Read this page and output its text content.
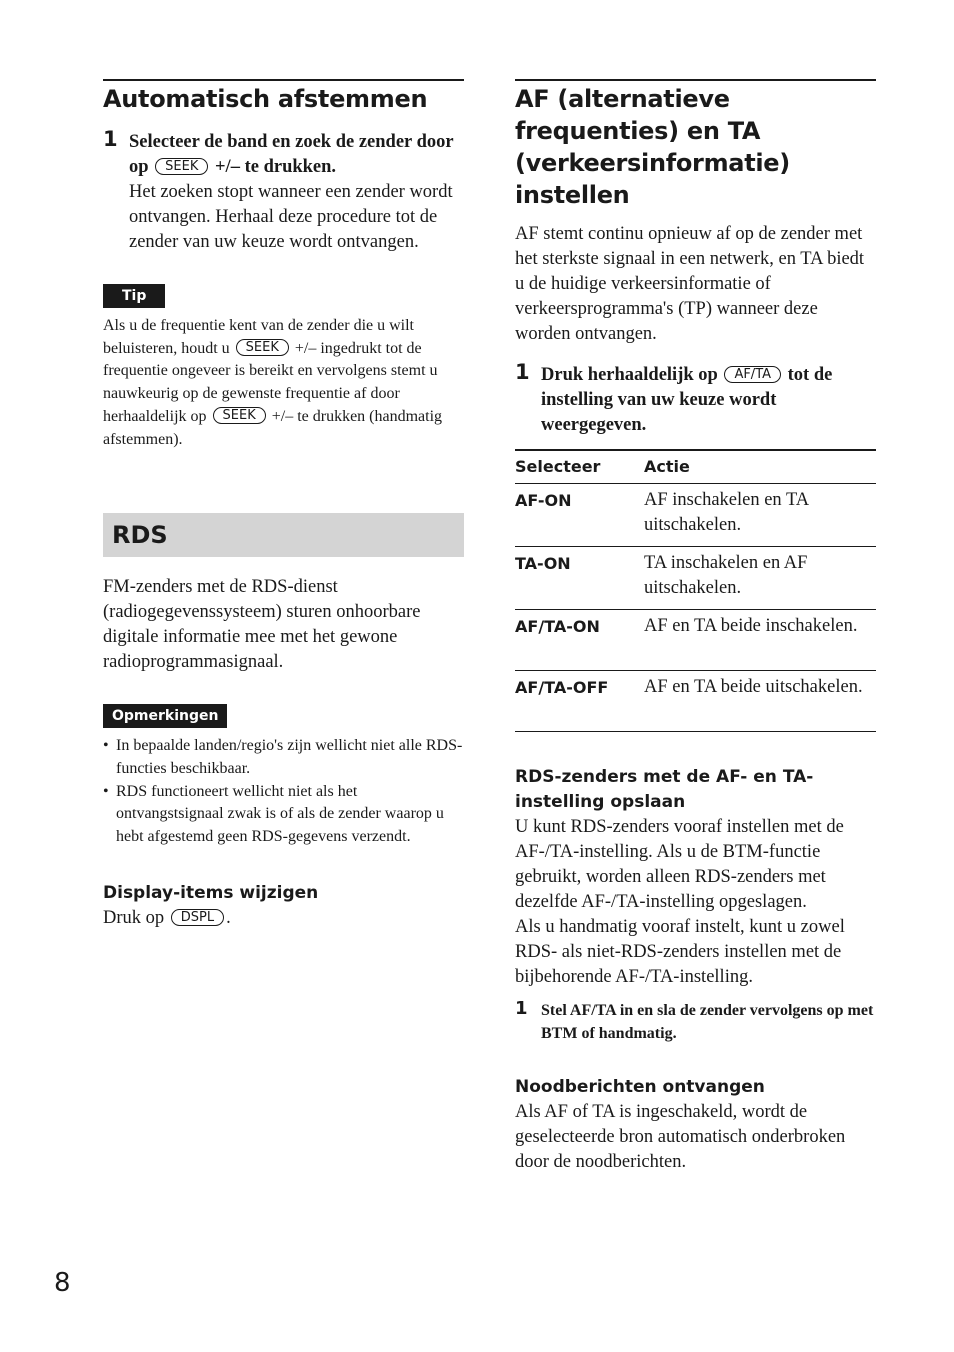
Automatisch afstemmen
1 Selecteer de band en zoek de zender door op SEEK +/– te drukken.
Het zoeken stopt wanneer een zender wordt ontvangen. Herhaal deze procedure tot de zender van uw keuze wordt ontvangen.
Tip
Als u de frequentie kent van de zender die u wilt beluisteren, houdt u SEEK +/– ingedrukt tot de frequentie ongeveer is bereikt en vervolgens stemt u nauwkeurig op de gewenste frequentie af door herhaaldelijk op SEEK +/– te drukken (handmatig afstemmen).
RDS
FM-zenders met de RDS-dienst (radiogegevenssysteem) sturen onhoorbare digitale informatie mee met het gewone radioprogrammasignaal.
Opmerkingen
• In bepaalde landen/regio's zijn wellicht niet alle RDS-functies beschikbaar.
• RDS functioneert wellicht niet als het ontvangstsignaal zwak is of als de zender waarop u hebt afgestemd geen RDS-gegevens verzendt.
Display-items wijzigen
Druk op DSPL .
AF (alternatieve frequenties) en TA (verkeersinformatie) instellen
AF stemt continu opnieuw af op de zender met het sterkste signaal in een netwerk, en TA biedt u de huidige verkeersinformatie of verkeersprogramma's (TP) wanneer deze worden ontvangen.
1 Druk herhaaldelijk op AF/TA tot de instelling van uw keuze wordt weergegeven.
Selecteer	Actie
AF-ON	AF inschakelen en TA uitschakelen.
TA-ON	TA inschakelen en AF uitschakelen.
AF/TA-ON	AF en TA beide inschakelen.
AF/TA-OFF	AF en TA beide uitschakelen.
RDS-zenders met de AF- en TA-instelling opslaan
U kunt RDS-zenders vooraf instellen met de AF-/TA-instelling. Als u de BTM-functie gebruikt, worden alleen RDS-zenders met dezelfde AF-/TA-instelling opgeslagen.
Als u handmatig vooraf instelt, kunt u zowel RDS- als niet-RDS-zenders instellen met de bijbehorende AF-/TA-instelling.
1 Stel AF/TA in en sla de zender vervolgens op met BTM of handmatig.
Noodberichten ontvangen
Als AF of TA is ingeschakeld, wordt de geselecteerde bron automatisch onderbroken door de noodberichten.
8
